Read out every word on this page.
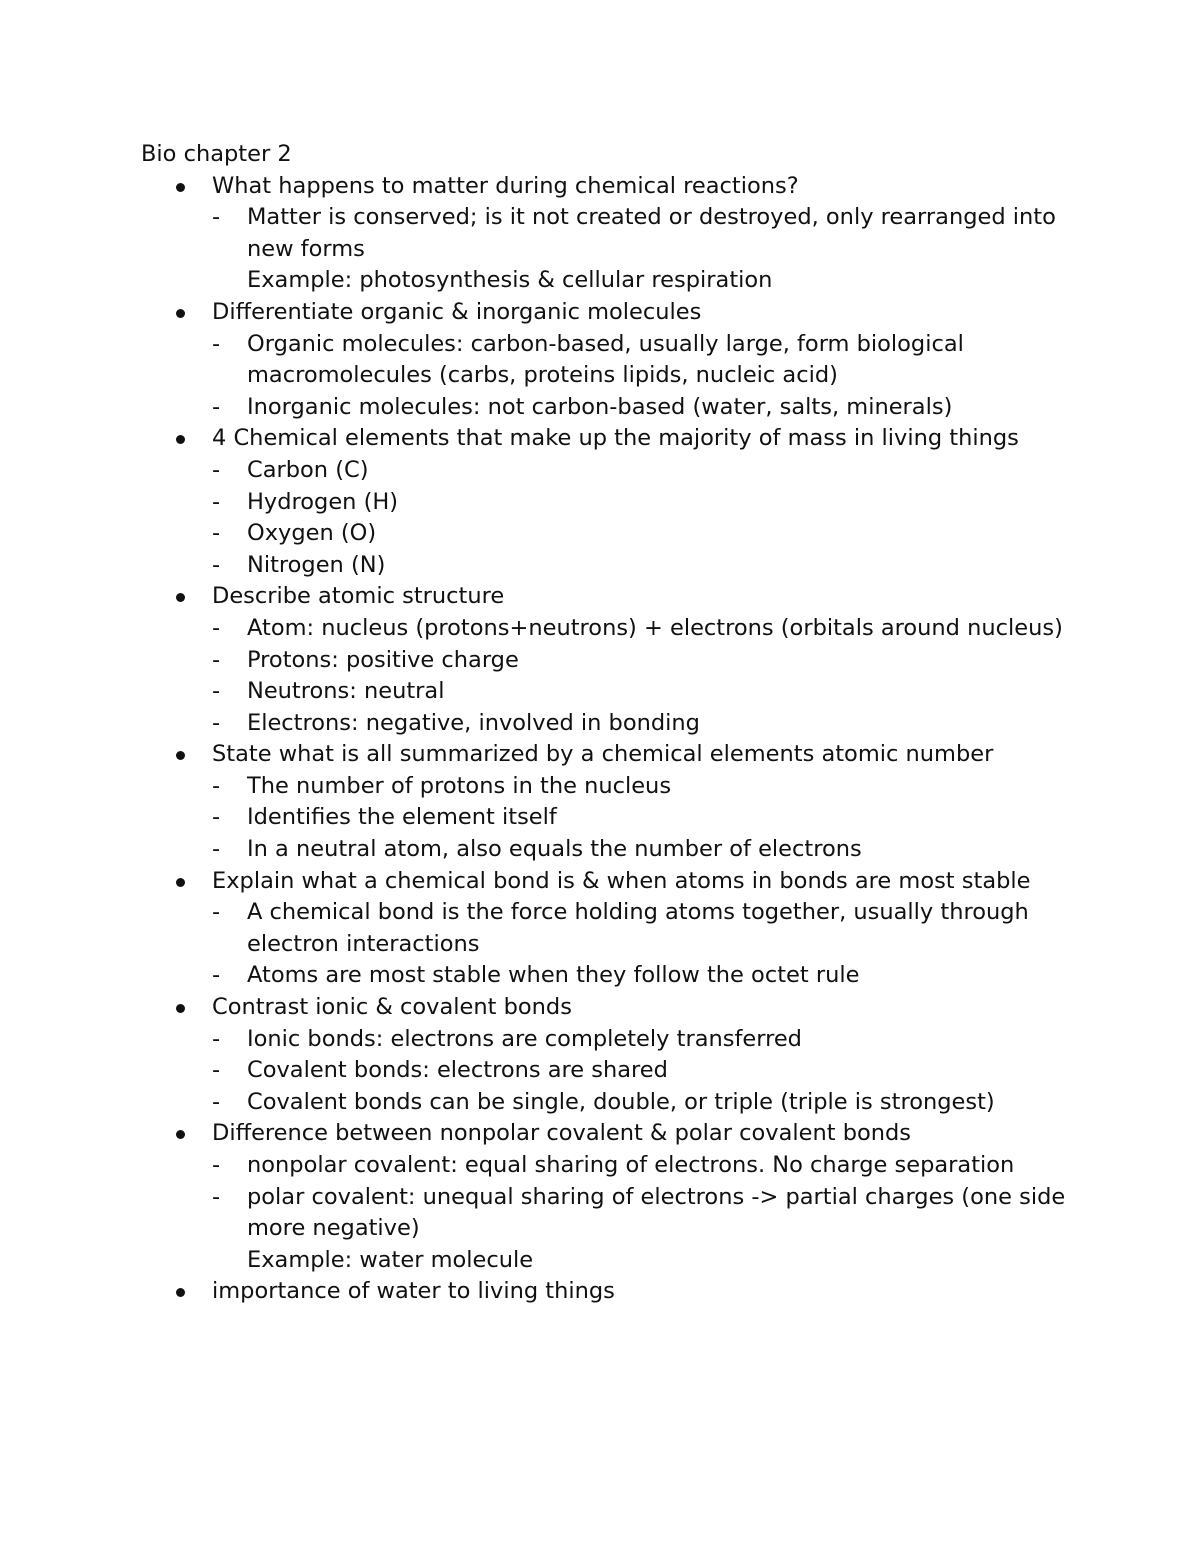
Bio chapter 2
What happens to matter during chemical reactions?
- Matter is conserved; is it not created or destroyed, only rearranged into new forms
Example: photosynthesis & cellular respiration
Differentiate organic & inorganic molecules
- Organic molecules: carbon-based, usually large, form biological macromolecules (carbs, proteins lipids, nucleic acid)
- Inorganic molecules: not carbon-based (water, salts, minerals)
4 Chemical elements that make up the majority of mass in living things
- Carbon (C)
- Hydrogen (H)
- Oxygen (O)
- Nitrogen (N)
Describe atomic structure
- Atom: nucleus (protons+neutrons) + electrons (orbitals around nucleus)
- Protons: positive charge
- Neutrons: neutral
- Electrons: negative, involved in bonding
State what is all summarized by a chemical elements atomic number
- The number of protons in the nucleus
- Identifies the element itself
- In a neutral atom, also equals the number of electrons
Explain what a chemical bond is & when atoms in bonds are most stable
- A chemical bond is the force holding atoms together, usually through electron interactions
- Atoms are most stable when they follow the octet rule
Contrast ionic & covalent bonds
- Ionic bonds: electrons are completely transferred
- Covalent bonds: electrons are shared
- Covalent bonds can be single, double, or triple (triple is strongest)
Difference between nonpolar covalent & polar covalent bonds
- nonpolar covalent: equal sharing of electrons. No charge separation
- polar covalent: unequal sharing of electrons -> partial charges (one side more negative)
Example: water molecule
importance of water to living things
